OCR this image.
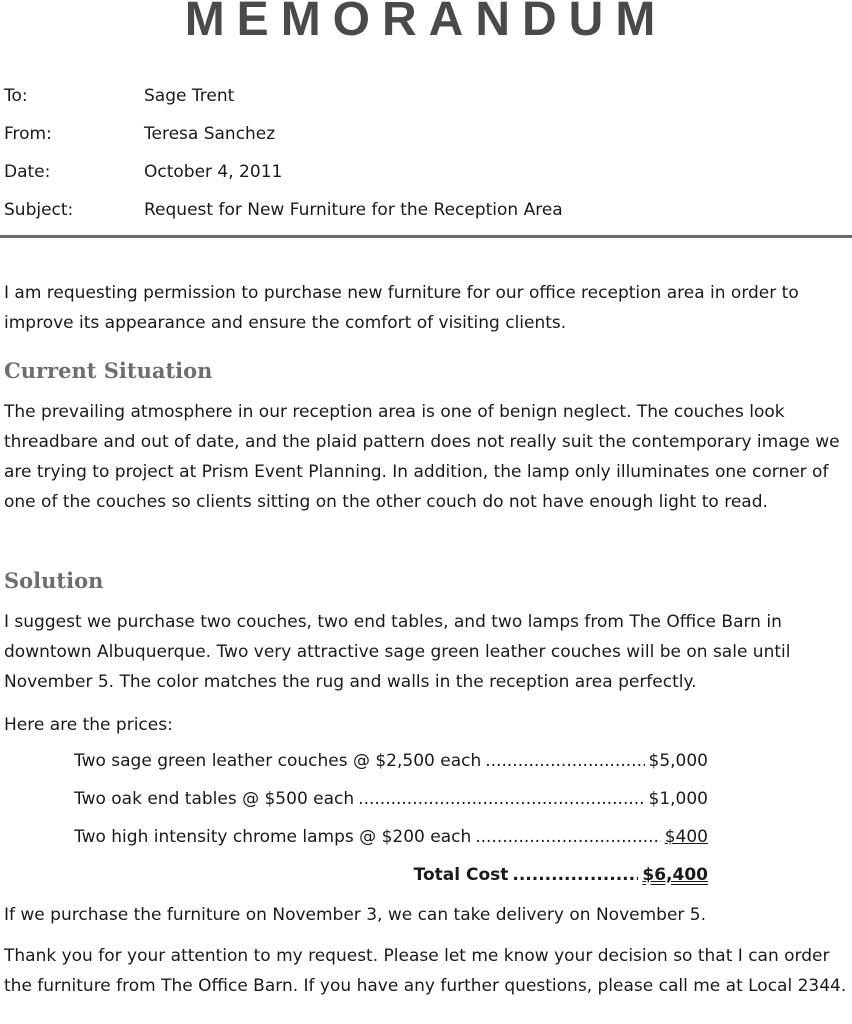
MEMORANDUM
To:	Sage Trent
From:	Teresa Sanchez
Date:	October 4, 2011
Subject:	Request for New Furniture for the Reception Area
I am requesting permission to purchase new furniture for our office reception area in order to improve its appearance and ensure the comfort of visiting clients.
Current Situation
The prevailing atmosphere in our reception area is one of benign neglect. The couches look threadbare and out of date, and the plaid pattern does not really suit the contemporary image we are trying to project at Prism Event Planning. In addition, the lamp only illuminates one corner of one of the couches so clients sitting on the other couch do not have enough light to read.
Solution
I suggest we purchase two couches, two end tables, and two lamps from The Office Barn in downtown Albuquerque. Two very attractive sage green leather couches will be on sale until November 5. The color matches the rug and walls in the reception area perfectly.
Here are the prices:
Two sage green leather couches @ $2,500 each .....	$5,000
Two oak end tables @ $500 each .....	$1,000
Two high intensity chrome lamps @ $200 each .....	$400
Total Cost .....	$6,400
If we purchase the furniture on November 3, we can take delivery on November 5.
Thank you for your attention to my request. Please let me know your decision so that I can order the furniture from The Office Barn. If you have any further questions, please call me at Local 2344.
